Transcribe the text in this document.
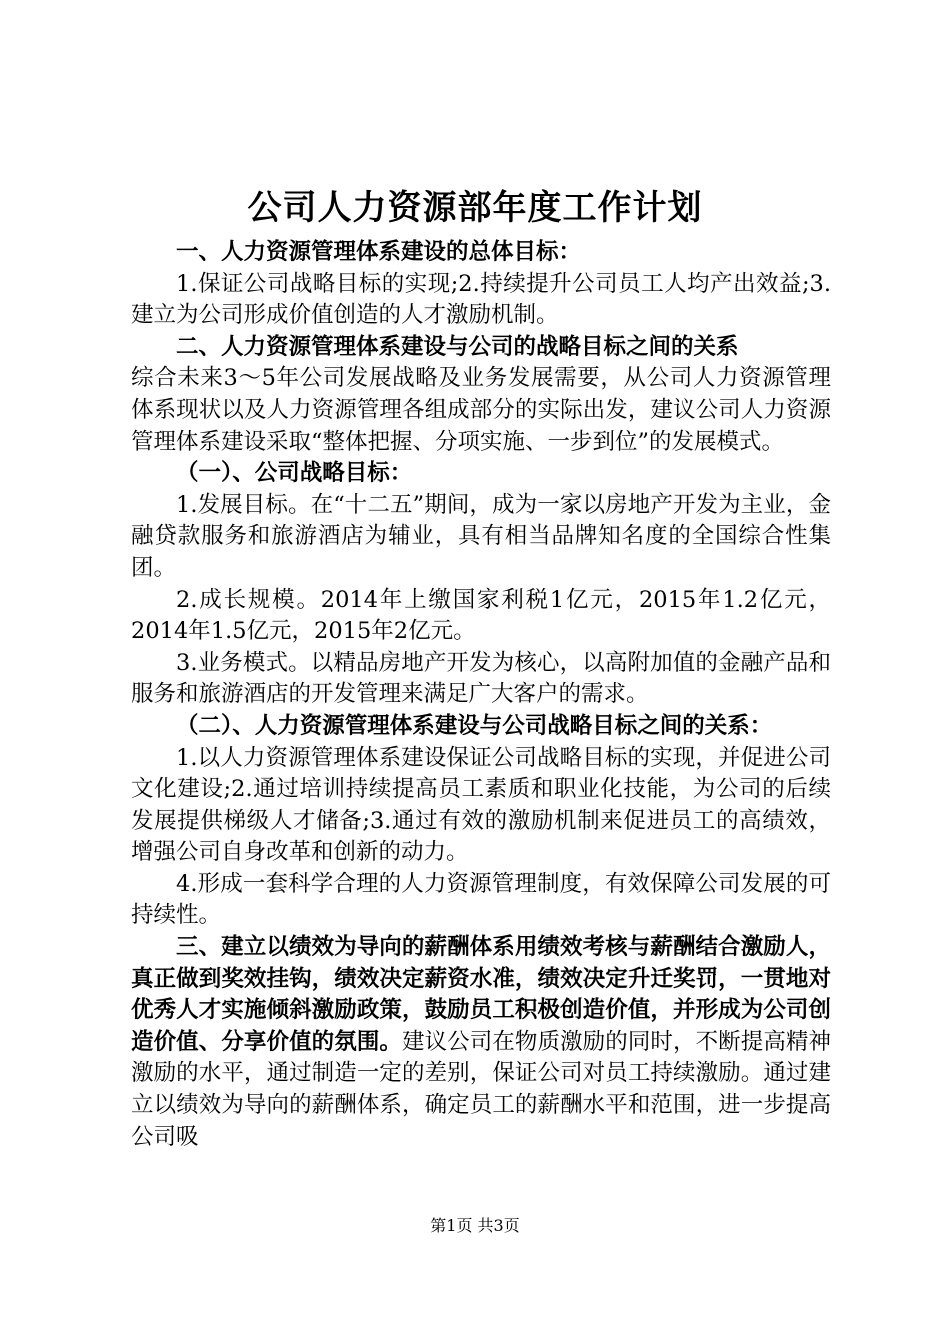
公司人力资源部年度工作计划

一、人力资源管理体系建设的总体目标：

1.保证公司战略目标的实现;2.持续提升公司员工人均产出效益;3.建立为公司形成价值创造的人才激励机制。

二、人力资源管理体系建设与公司的战略目标之间的关系

综合未来3～5年公司发展战略及业务发展需要，从公司人力资源管理体系现状以及人力资源管理各组成部分的实际出发，建议公司人力资源管理体系建设采取“整体把握、分项实施、一步到位”的发展模式。

（一）、公司战略目标：

1.发展目标。在“十二五”期间，成为一家以房地产开发为主业，金融贷款服务和旅游酒店为辅业，具有相当品牌知名度的全国综合性集团。

2.成长规模。2014年上缴国家利税1亿元，2015年1.2亿元，2014年1.5亿元，2015年2亿元。

3.业务模式。以精品房地产开发为核心，以高附加值的金融产品和服务和旅游酒店的开发管理来满足广大客户的需求。

（二）、人力资源管理体系建设与公司战略目标之间的关系：

1.以人力资源管理体系建设保证公司战略目标的实现，并促进公司文化建设;2.通过培训持续提高员工素质和职业化技能，为公司的后续发展提供梯级人才储备;3.通过有效的激励机制来促进员工的高绩效，增强公司自身改革和创新的动力。

4.形成一套科学合理的人力资源管理制度，有效保障公司发展的可持续性。

三、建立以绩效为导向的薪酬体系用绩效考核与薪酬结合激励人，真正做到奖效挂钩，绩效决定薪资水准，绩效决定升迁奖罚，一贯地对优秀人才实施倾斜激励政策，鼓励员工积极创造价值，并形成为公司创造价值、分享价值的氛围。建议公司在物质激励的同时，不断提高精神激励的水平，通过制造一定的差别，保证公司对员工持续激励。通过建立以绩效为导向的薪酬体系，确定员工的薪酬水平和范围，进一步提高公司吸

第1页 共3页
